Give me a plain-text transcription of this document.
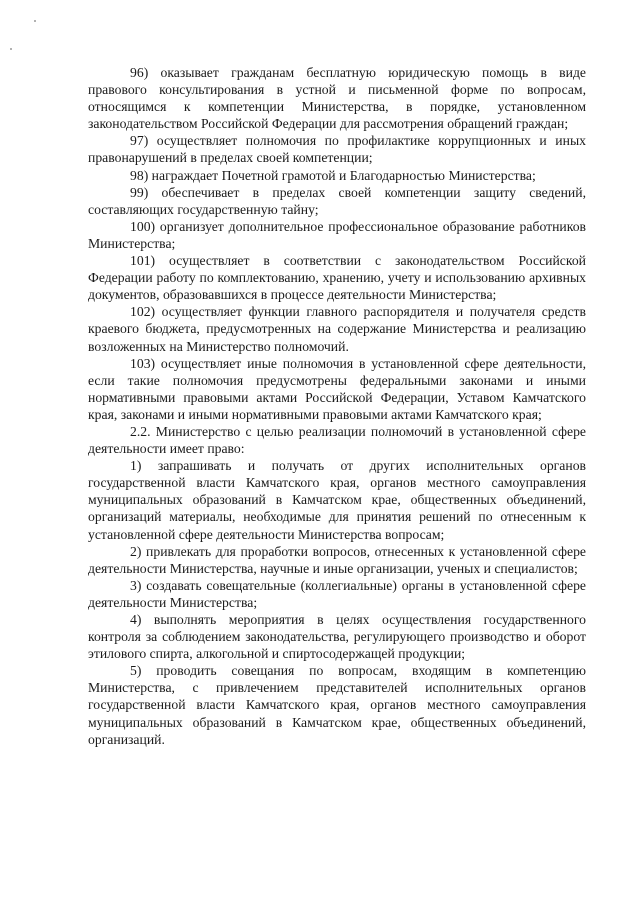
96) оказывает гражданам бесплатную юридическую помощь в виде правового консультирования в устной и письменной форме по вопросам, относящимся к компетенции Министерства, в порядке, установленном законодательством Российской Федерации для рассмотрения обращений граждан;

97) осуществляет полномочия по профилактике коррупционных и иных правонарушений в пределах своей компетенции;

98) награждает Почетной грамотой и Благодарностью Министерства;

99) обеспечивает в пределах своей компетенции защиту сведений, составляющих государственную тайну;

100) организует дополнительное профессиональное образование работников Министерства;

101) осуществляет в соответствии с законодательством Российской Федерации работу по комплектованию, хранению, учету и использованию архивных документов, образовавшихся в процессе деятельности Министерства;

102) осуществляет функции главного распорядителя и получателя средств краевого бюджета, предусмотренных на содержание Министерства и реализацию возложенных на Министерство полномочий.

103) осуществляет иные полномочия в установленной сфере деятельности, если такие полномочия предусмотрены федеральными законами и иными нормативными правовыми актами Российской Федерации, Уставом Камчатского края, законами и иными нормативными правовыми актами Камчатского края;

2.2. Министерство с целью реализации полномочий в установленной сфере деятельности имеет право:

1) запрашивать и получать от других исполнительных органов государственной власти Камчатского края, органов местного самоуправления муниципальных образований в Камчатском крае, общественных объединений, организаций материалы, необходимые для принятия решений по отнесенным к установленной сфере деятельности Министерства вопросам;

2) привлекать для проработки вопросов, отнесенных к установленной сфере деятельности Министерства, научные и иные организации, ученых и специалистов;

3) создавать совещательные (коллегиальные) органы в установленной сфере деятельности Министерства;

4) выполнять мероприятия в целях осуществления государственного контроля за соблюдением законодательства, регулирующего производство и оборот этилового спирта, алкогольной и спиртосодержащей продукции;

5) проводить совещания по вопросам, входящим в компетенцию Министерства, с привлечением представителей исполнительных органов государственной власти Камчатского края, органов местного самоуправления муниципальных образований в Камчатском крае, общественных объединений, организаций.
